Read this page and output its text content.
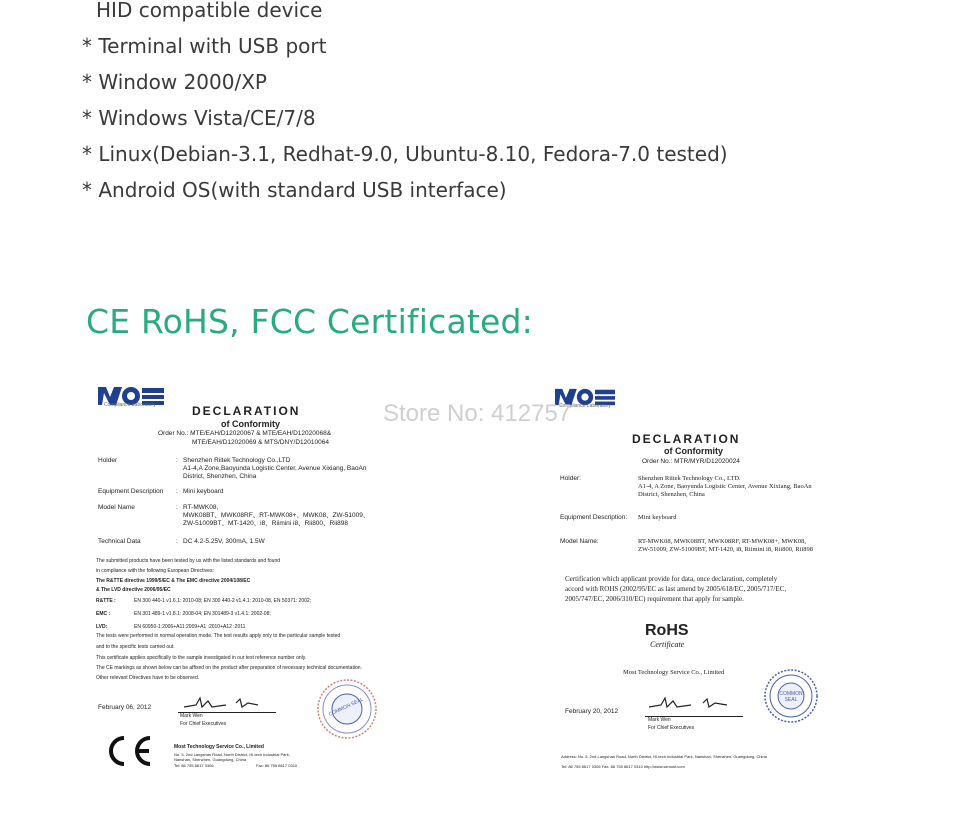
HID compatible device
* Terminal with USB port
* Window 2000/XP
* Windows Vista/CE/7/8
* Linux(Debian-3.1, Redhat-9.0, Ubuntu-8.10, Fedora-7.0 tested)
* Android OS(with standard USB interface)
CE RoHS, FCC Certificated:
Store No: 412757
Compliance Laboratory	DECLARATION
of Conformity
Order No.: MTE/EAH/D12020067 & MTE/EAH/D12020068&
MTE/EAH/D12020069 & MTS/DNY/D12010064
Holder	: Shenzhen Riitek Technology Co.,LTD
A1-4,A Zone,Baoyunda Logistic Center, Avenue Xixiang, BaoAn
District, Shenzhen, China
Equipment Description : Mini keyboard
Model Name	: RT-MWK08,
MWK08BT、MWK08RF、RT-MWK08+、MWK08、ZW-51009、
ZW-51009BT、MT-1420、i8、Riimini i8、Rii800、Rii898
Technical Data	: DC 4.2-5.25V, 300mA, 1.5W
The submitted products have been tested by us with the listed standards and found
in compliance with the following European Directives:
The R&TTE directive 1999/5/EC & The EMC directive 2004/108/EC
& The LVD directive 2006/95/EC
R&TTE :	EN 300 440-1 v1.6.1: 2010-08; EN 300 440-2 v1.4.1: 2010-08, EN 50371: 2002;
EMC :	EN 301 489-1 v1.8.1: 2008-04; EN 301489-3 v1.4.1: 2002-08;
LVD:	EN 60950-1:2006+A11:2009+A1 :2010+A12 :2011
The tests were performed in normal operation mode. The test results apply only to the particular sample tested
and to the specific tests carried out.
This certificate applies specifically to the sample investigated in our test reference number only.
The CE markings as shown below can be affixed on the product after preparation of necessary technical documentation.
Other relevant Directives have to be observed.
February 06, 2012
Mark Wen
For Chief Executives
COMMON SEAL
Most Technology Service Co., Limited
No. 5, 2nd Langshan Road, North District, Hi-tech Industrial Park,
Nanshan, Shenzhen, Guangdong, China
Tel: 86 755 8617 0306	Fax: 86 755 8617 0310
Compliance Laboratory
DECLARATION
of Conformity
Order No.: MTR/MYR/D12020024
Holder:	Shenzhen Riitek Technology Co., LTD.
A1-4, A Zone, Baoyunda Logistic Center, Avenue Xixiang, BaoAn
District, Shenzhen, China
Equipment Description: Mini keyboard
Model Name:	RT-MWK08, MWK08BT, MWK08RF, RT-MWK08+, MWK08,
ZW-51009, ZW-51009BT, MT-1420, i8, Riimini i8, Rii800, Rii898
Certification which applicant provide for data, once declaration, completely
accord with ROHS (2002/95/EC as last amend by 2005/618/EC, 2005/717/EC,
2005/747/EC, 2006/310/EC) requirement that apply for sample.
RoHS
Certificate
Most Technology Service Co., Limited
February 20, 2012
Mark Wen
For Chief Executives
COMMON
SEAL
Address: No. 5, 2nd Langshan Road, North District, Hi-tech Industrial Park, Nanshan, Shenzhen, Guangdong, China
Tel: 86 755 8617 0306 Fax: 86 755 8617 0310 http://www.szmost.com
